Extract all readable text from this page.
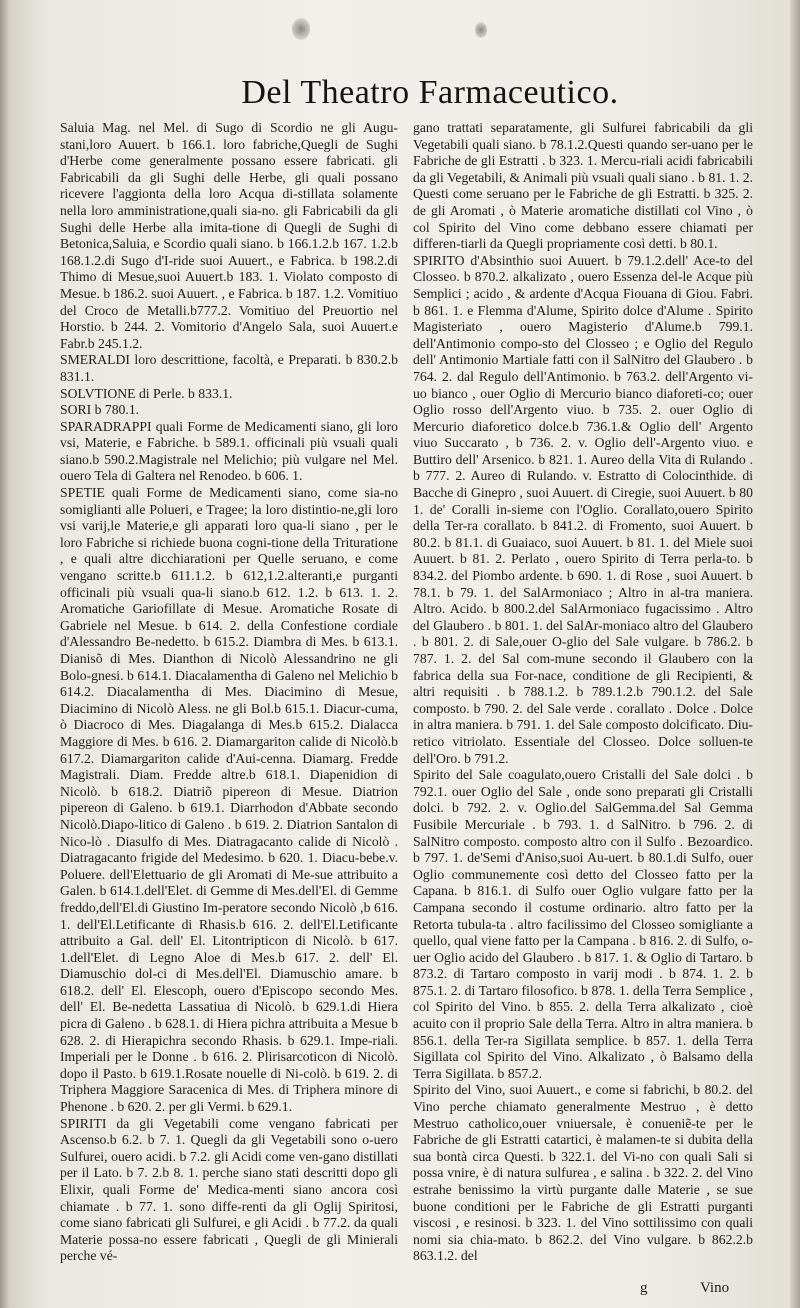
Del Theatro Farmaceutico.

Saluia Mag. nel Mel. di Sugo di Scordio ne gli Augu-stani,loro Auuert. b 166.1. loro fabriche,Quegli de Sughi d'Herbe come generalmente possano essere fabricati. gli Fabricabili da gli Sughi delle Herbe, gli quali possano ricevere l'aggionta della loro Acqua di-stillata solamente nella loro amministratione,quali sia-no. gli Fabricabili da gli Sughi delle Herbe alla imita-tione di Quegli de Sughi di Betonica,Saluia, e Scordio quali siano. b 166.1.2.b 167. 1.2.b 168.1.2.di Sugo d'I-ride suoi Auuert., e Fabrica. b 198.2.di Thimo di Mesue,suoi Auuert.b 183. 1. Violato composto di Mesue. b 186.2. suoi Auuert. , e Fabrica. b 187. 1.2. Vomitiuo del Croco de Metalli.b777.2. Vomitiuo del Preuortio nel Horstio. b 244. 2. Vomitorio d'Angelo Sala, suoi Auuert.e Fabr.b 245.1.2.

SMERALDI loro descrittione, facoltà, e Preparati. b 830.2.b 831.1.

SOLVTIONE di Perle. b 833.1.

SORI b 780.1.

SPARADRAPPI quali Forme de Medicamenti siano, gli loro vsi, Materie, e Fabriche. b 589.1. officinali più vsuali quali siano.b 590.2.Magistrale nel Melichio; più vulgare nel Mel. ouero Tela di Galtera nel Renodeo. b 606. 1.

SPETIE quali Forme de Medicamenti siano, come sia-no somiglianti alle Polueri, e Tragee; la loro distintio-ne,gli loro vsi varij,le Materie,e gli apparati loro qua-li siano , per le loro Fabriche si richiede buona cogni-tione della Trituratione , e quali altre dicchiarationi per Quelle seruano, e come vengano scritte.b 611.1.2. b 612,1.2.alteranti,e purganti officinali più vsuali qua-li siano.b 612. 1.2. b 613. 1. 2. Aromatiche Gariofillate di Mesue. Aromatiche Rosate di Gabriele nel Mesue. b 614. 2. della Confestione cordiale d'Alessandro Be-nedetto. b 615.2. Diambra di Mes. b 613.1. Dianisõ di Mes. Dianthon di Nicolò Alessandrino ne gli Bolo-gnesi. b 614.1. Diacalamentha di Galeno nel Melichio b 614.2. Diacalamentha di Mes. Diacimino di Mesue, Diacimino di Nicolò Aless. ne gli Bol.b 615.1. Diacur-cuma, ò Diacroco di Mes. Diagalanga di Mes.b 615.2. Dialacca Maggiore di Mes. b 616. 2. Diamargariton calide di Nicolò.b 617.2. Diamargariton calide d'Aui-cenna. Diamarg. Fredde Magistrali. Diam. Fredde altre.b 618.1. Diapenidion di Nicolò. b 618.2. Diatriõ pipereon di Mesue. Diatrion pipereon di Galeno. b 619.1. Diarrhodon d'Abbate secondo Nicolò.Diapo-litico di Galeno . b 619. 2. Diatrion Santalon di Nico-lò . Diasulfo di Mes. Diatragacanto calide di Nicolò . Diatragacanto frigide del Medesimo. b 620. 1. Diacu-bebe.v. Poluere. dell'Elettuario de gli Aromati di Me-sue attribuito a Galen. b 614.1.dell'Elet. di Gemme di Mes.dell'El. di Gemme freddo,dell'El.di Giustino Im-peratore secondo Nicolò ,b 616. 1. dell'El.Letificante di Rhasis.b 616. 2. dell'El.Letificante attribuito a Gal. dell' El. Litontripticon di Nicolò. b 617. 1.dell'Elet. di Legno Aloe di Mes.b 617. 2. dell' El. Diamuschio dol-ci di Mes.dell'El. Diamuschio amare. b 618.2. dell' El. Elescoph, ouero d'Episcopo secondo Mes. dell' El. Be-nedetta Lassatiua di Nicolò. b 629.1.di Hiera picra di Galeno . b 628.1. di Hiera pichra attribuita a Mesue b 628. 2. di Hierapichra secondo Rhasis. b 629.1. Impe-riali. Imperiali per le Donne . b 616. 2. Plirisarcoticon di Nicolò. dopo il Pasto. b 619.1.Rosate nouelle di Ni-colò. b 619. 2. di Triphera Maggiore Saracenica di Mes. di Triphera minore di Phenone . b 620. 2. per gli Vermi. b 629.1.

SPIRITI da gli Vegetabili come vengano fabricati per Ascenso.b 6.2. b 7. 1. Quegli da gli Vegetabili sono o-uero Sulfurei, ouero acidi. b 7.2. gli Acidi come ven-gano distillati per il Lato. b 7. 2.b 8. 1. perche siano stati descritti dopo gli Elixir, quali Forme de' Medica-menti siano ancora così chiamate . b 77. 1. sono diffe-renti da gli Oglij Spiritosi, come siano fabricati gli Sulfurei, e gli Acidi . b 77.2. da quali Materie possa-no essere fabricati , Quegli de gli Minierali perche vé-

gano trattati separatamente, gli Sulfurei fabricabili da gli Vegetabili quali siano. b 78.1.2.Questi quando ser-uano per le Fabriche de gli Estratti . b 323. 1. Mercu-riali acidi fabricabili da gli Vegetabili, & Animali più vsuali quali siano . b 81. 1. 2. Questi come seruano per le Fabriche de gli Estratti. b 325. 2. de gli Aromati , ò Materie aromatiche distillati col Vino , ò col Spirito del Vino come debbano essere chiamati per differen-tiarli da Quegli propriamente così detti. b 80.1.

SPIRITO d'Absinthio suoi Auuert. b 79.1.2.dell' Ace-to del Closseo. b 870.2. alkalizato , ouero Essenza del-le Acque più Semplici ; acido , & ardente d'Acqua Fiouana di Giou. Fabri. b 861. 1. e Flemma d'Alume, Spirito dolce d'Alume . Spirito Magisteriato , ouero Magisterio d'Alume.b 799.1. dell'Antimonio compo-sto del Closseo ; e Oglio del Regulo dell' Antimonio Martiale fatti con il SalNitro del Glaubero . b 764. 2. dal Regulo dell'Antimonio. b 763.2. dell'Argento vi-uo bianco , ouer Oglio di Mercurio bianco diaforeti-co; ouer Oglio rosso dell'Argento viuo. b 735. 2. ouer Oglio di Mercurio diaforetico dolce.b 736.1.& Oglio dell' Argento viuo Succarato , b 736. 2. v. Oglio dell'-Argento viuo. e Buttiro dell' Arsenico. b 821. 1. Aureo della Vita di Rulando . b 777. 2. Aureo di Rulando. v. Estratto di Colocinthide. di Bacche di Ginepro , suoi Auuert. di Ciregie, suoi Auuert. b 80 1. de' Coralli in-sieme con l'Oglio. Corallato,ouero Spirito della Ter-ra corallato. b 841.2. di Fromento, suoi Auuert. b 80.2. b 81.1. di Guaiaco, suoi Auuert. b 81. 1. del Miele suoi Auuert. b 81. 2. Perlato , ouero Spirito di Terra perla-to. b 834.2. del Piombo ardente. b 690. 1. di Rose , suoi Auuert. b 78.1. b 79. 1. del SalArmoniaco ; Altro in al-tra maniera. Altro. Acido. b 800.2.del SalArmoniaco fugacissimo . Altro del Glaubero . b 801. 1. del SalAr-moniaco altro del Glaubero . b 801. 2. di Sale,ouer O-glio del Sale vulgare. b 786.2. b 787. 1. 2. del Sal com-mune secondo il Glaubero con la fabrica della sua For-nace, conditione de gli Recipienti, & altri requisiti . b 788.1.2. b 789.1.2.b 790.1.2. del Sale composto. b 790. 2. del Sale verde . corallato . Dolce . Dolce in altra maniera. b 791. 1. del Sale composto dolcificato. Diu-retico vitriolato. Essentiale del Closseo. Dolce solluen-te dell'Oro. b 791.2.

Spirito del Sale coagulato,ouero Cristalli del Sale dolci . b 792.1. ouer Oglio del Sale , onde sono preparati gli Cristalli dolci. b 792. 2. v. Oglio.del SalGemma.del Sal Gemma Fusibile Mercuriale . b 793. 1. d SalNitro. b 796. 2. di SalNitro composto. composto altro con il Sulfo . Bezoardico. b 797. 1. de'Semi d'Aniso,suoi Au-uert. b 80.1.di Sulfo, ouer Oglio communemente così detto del Closseo fatto per la Capana. b 816.1. di Sulfo ouer Oglio vulgare fatto per la Campana secondo il costume ordinario. altro fatto per la Retorta tubula-ta . altro facilissimo del Closseo somigliante a quello, qual viene fatto per la Campana . b 816. 2. di Sulfo, o-uer Oglio acido del Glaubero . b 817. 1. & Oglio di Tartaro. b 873.2. di Tartaro composto in varij modi . b 874. 1. 2. b 875.1. 2. di Tartaro filosofico. b 878. 1. della Terra Semplice , col Spirito del Vino. b 855. 2. della Terra alkalizato , cioè acuito con il proprio Sale della Terra. Altro in altra maniera. b 856.1. della Ter-ra Sigillata semplice. b 857. 1. della Terra Sigillata col Spirito del Vino. Alkalizato , ò Balsamo della Terra Sigillata. b 857.2.

Spirito del Vino, suoi Auuert., e come si fabrichi, b 80.2. del Vino perche chiamato generalmente Mestruo , è detto Mestruo catholico,ouer vniuersale, è conueniẽ-te per le Fabriche de gli Estratti catartici, è malamen-te si dubita della sua bontà circa Questi. b 322.1. del Vi-no con quali Sali si possa vnire, è di natura sulfurea , e salina . b 322. 2. del Vino estrahe benissimo la virtù purgante dalle Materie , se sue buone conditioni per le Fabriche de gli Estratti purganti viscosi , e resinosi. b 323. 1. del Vino sottilissimo con quali nomi sia chia-mato. b 862.2. del Vino vulgare. b 862.2.b 863.1.2. del

g	Vino
